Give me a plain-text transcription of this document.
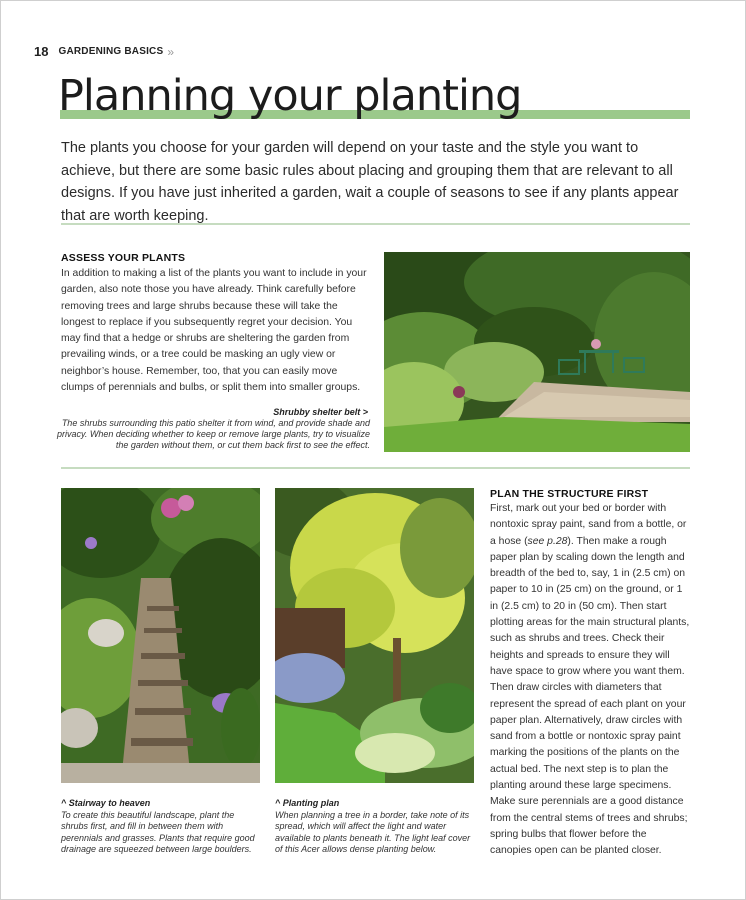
18 GARDENING BASICS »
Planning your planting

The plants you choose for your garden will depend on your taste and the style you want to achieve, but there are some basic rules about placing and grouping them that are relevant to all designs. If you have just inherited a garden, wait a couple of seasons to see if any plants appear that are worth keeping.

ASSESS YOUR PLANTS

In addition to making a list of the plants you want to include in your garden, also note those you have already. Think carefully before removing trees and large shrubs because these will take the longest to replace if you subsequently regret your decision. You may find that a hedge or shrubs are sheltering the garden from prevailing winds, or a tree could be masking an ugly view or neighbor’s house. Remember, too, that you can easily move clumps of perennials and bulbs, or split them into smaller groups.

Shrubby shelter belt >

The shrubs surrounding this patio shelter it from wind, and provide shade and privacy. When deciding whether to keep or remove large plants, try to visualize the garden without them, or cut them back first to see the effect.

^ Stairway to heaven

To create this beautiful landscape, plant the shrubs first, and fill in between them with perennials and grasses. Plants that require good drainage are squeezed between large boulders.

^ Planting plan

When planning a tree in a border, take note of its spread, which will affect the light and water available to plants beneath it. The light leaf cover of this Acer allows dense planting below.

PLAN THE STRUCTURE FIRST

First, mark out your bed or border with nontoxic spray paint, sand from a bottle, or a hose (see p.28). Then make a rough paper plan by scaling down the length and breadth of the bed to, say, 1 in (2.5 cm) on paper to 10 in (25 cm) on the ground, or 1 in (2.5 cm) to 20 in (50 cm). Then start plotting areas for the main structural plants, such as shrubs and trees. Check their heights and spreads to ensure they will have space to grow where you want them. Then draw circles with diameters that represent the spread of each plant on your paper plan. Alternatively, draw circles with sand from a bottle or nontoxic spray paint marking the positions of the plants on the actual bed. The next step is to plan the planting around these large specimens. Make sure perennials are a good distance from the central stems of trees and shrubs; spring bulbs that flower before the canopies open can be planted closer.
